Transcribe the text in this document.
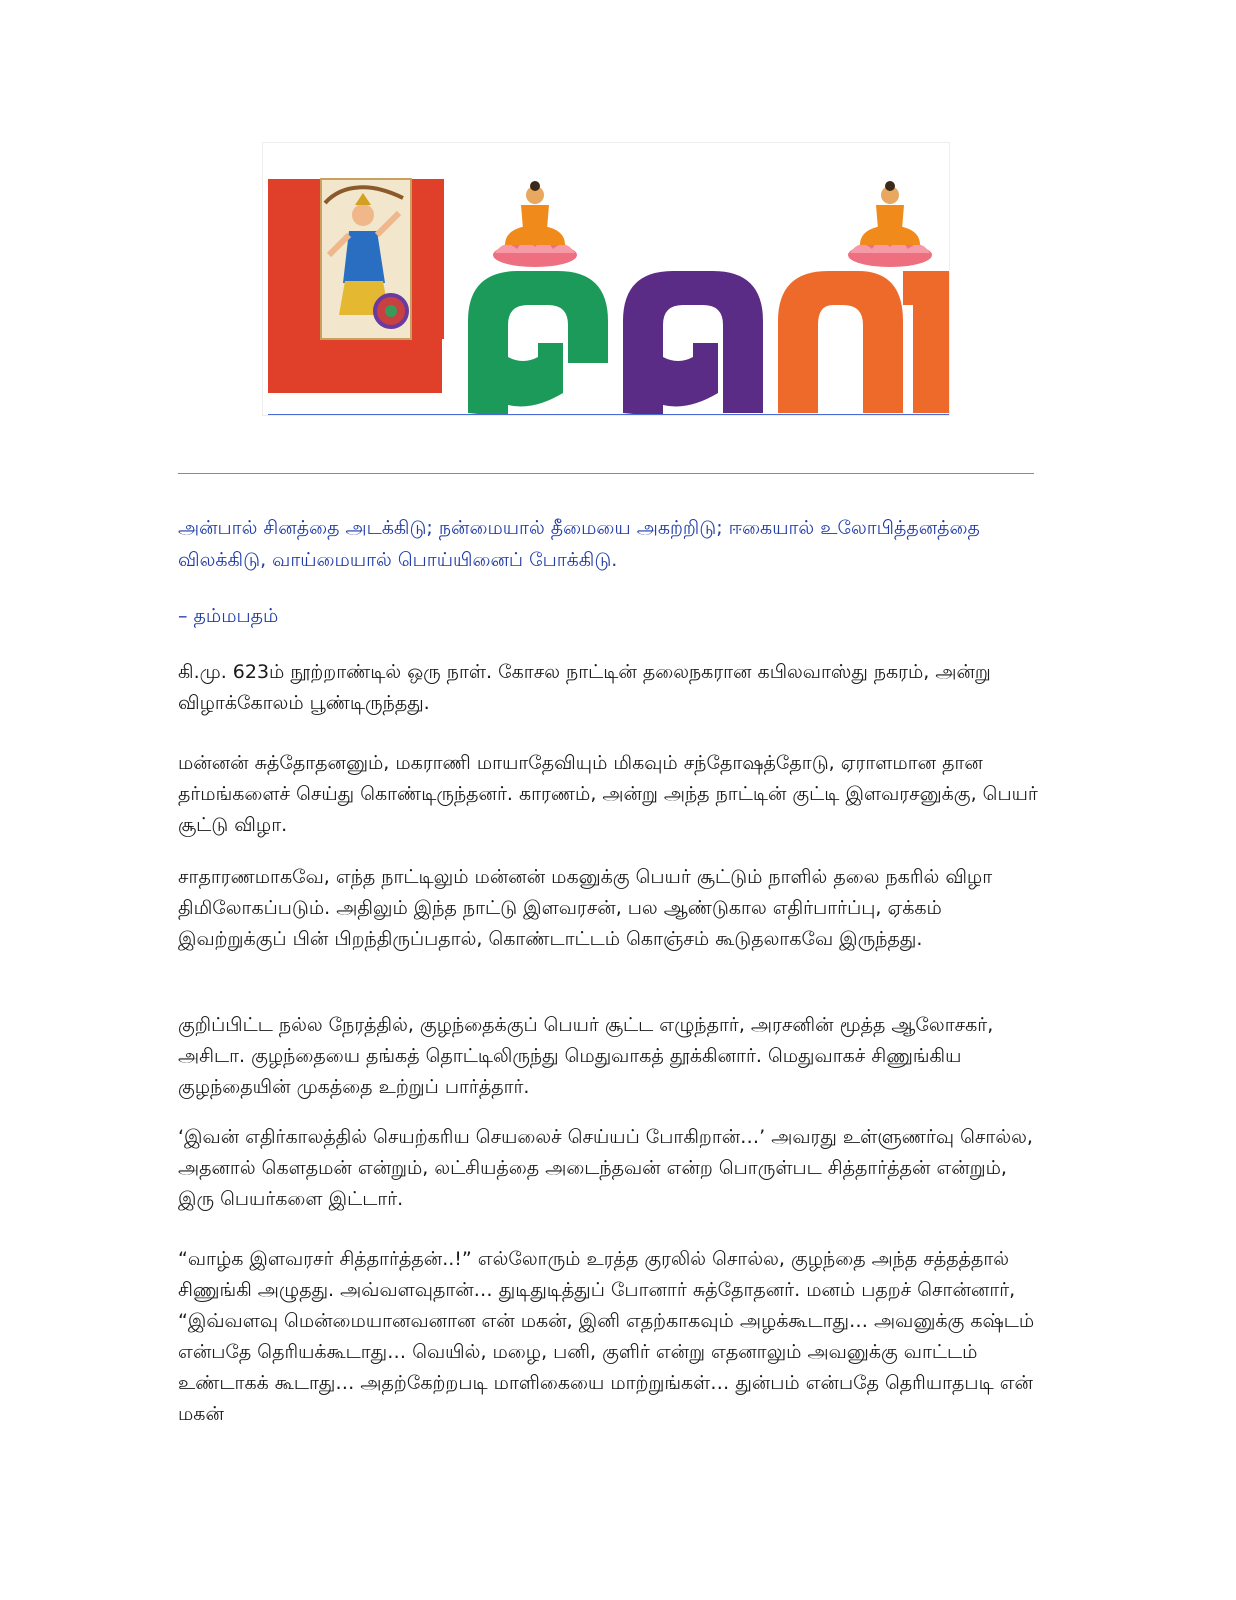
அன்பால் சினத்தை அடக்கிடு; நன்மையால் தீமையை அகற்றிடு; ஈகையால் உலோபித்தனத்தை விலக்கிடு, வாய்மையால் பொய்யினைப் போக்கிடு.

– தம்மபதம்

கி.மு. 623ம் நூற்றாண்டில் ஒரு நாள். கோசல நாட்டின் தலைநகரான கபிலவாஸ்து நகரம், அன்று விழாக்கோலம் பூண்டிருந்தது.

மன்னன் சுத்தோதனனும், மகராணி மாயாதேவியும் மிகவும் சந்தோஷத்தோடு, ஏராளமான தான தர்மங்களைச் செய்து கொண்டிருந்தனர். காரணம், அன்று அந்த நாட்டின் குட்டி இளவரசனுக்கு, பெயர் சூட்டு விழா.

சாதாரணமாகவே, எந்த நாட்டிலும் மன்னன் மகனுக்கு பெயர் சூட்டும் நாளில் தலை நகரில் விழா திமிலோகப்படும். அதிலும் இந்த நாட்டு இளவரசன், பல ஆண்டுகால எதிர்பார்ப்பு, ஏக்கம் இவற்றுக்குப் பின் பிறந்திருப்பதால், கொண்டாட்டம் கொஞ்சம் கூடுதலாகவே இருந்தது.

குறிப்பிட்ட நல்ல நேரத்தில், குழந்தைக்குப் பெயர் சூட்ட எழுந்தார், அரசனின் மூத்த ஆலோசகர், அசிடா. குழந்தையை தங்கத் தொட்டிலிருந்து மெதுவாகத் தூக்கினார். மெதுவாகச் சிணுங்கிய குழந்தையின் முகத்தை உற்றுப் பார்த்தார்.

‘இவன் எதிர்காலத்தில் செயற்கரிய செயலைச் செய்யப் போகிறான்…’ அவரது உள்ளுணர்வு சொல்ல, அதனால் கௌதமன் என்றும், லட்சியத்தை அடைந்தவன் என்ற பொருள்பட சித்தார்த்தன் என்றும், இரு பெயர்களை இட்டார்.

“வாழ்க இளவரசர் சித்தார்த்தன்..!” எல்லோரும் உரத்த குரலில் சொல்ல, குழந்தை அந்த சத்தத்தால் சிணுங்கி அழுதது. அவ்வளவுதான்… துடிதுடித்துப் போனார் சுத்தோதனர். மனம் பதறச் சொன்னார், “இவ்வளவு மென்மையானவனான என் மகன், இனி எதற்காகவும் அழக்கூடாது… அவனுக்கு கஷ்டம் என்பதே தெரியக்கூடாது… வெயில், மழை, பனி, குளிர் என்று எதனாலும் அவனுக்கு வாட்டம் உண்டாகக் கூடாது… அதற்கேற்றபடி மாளிகையை மாற்றுங்கள்… துன்பம் என்பதே தெரியாதபடி என் மகன்
